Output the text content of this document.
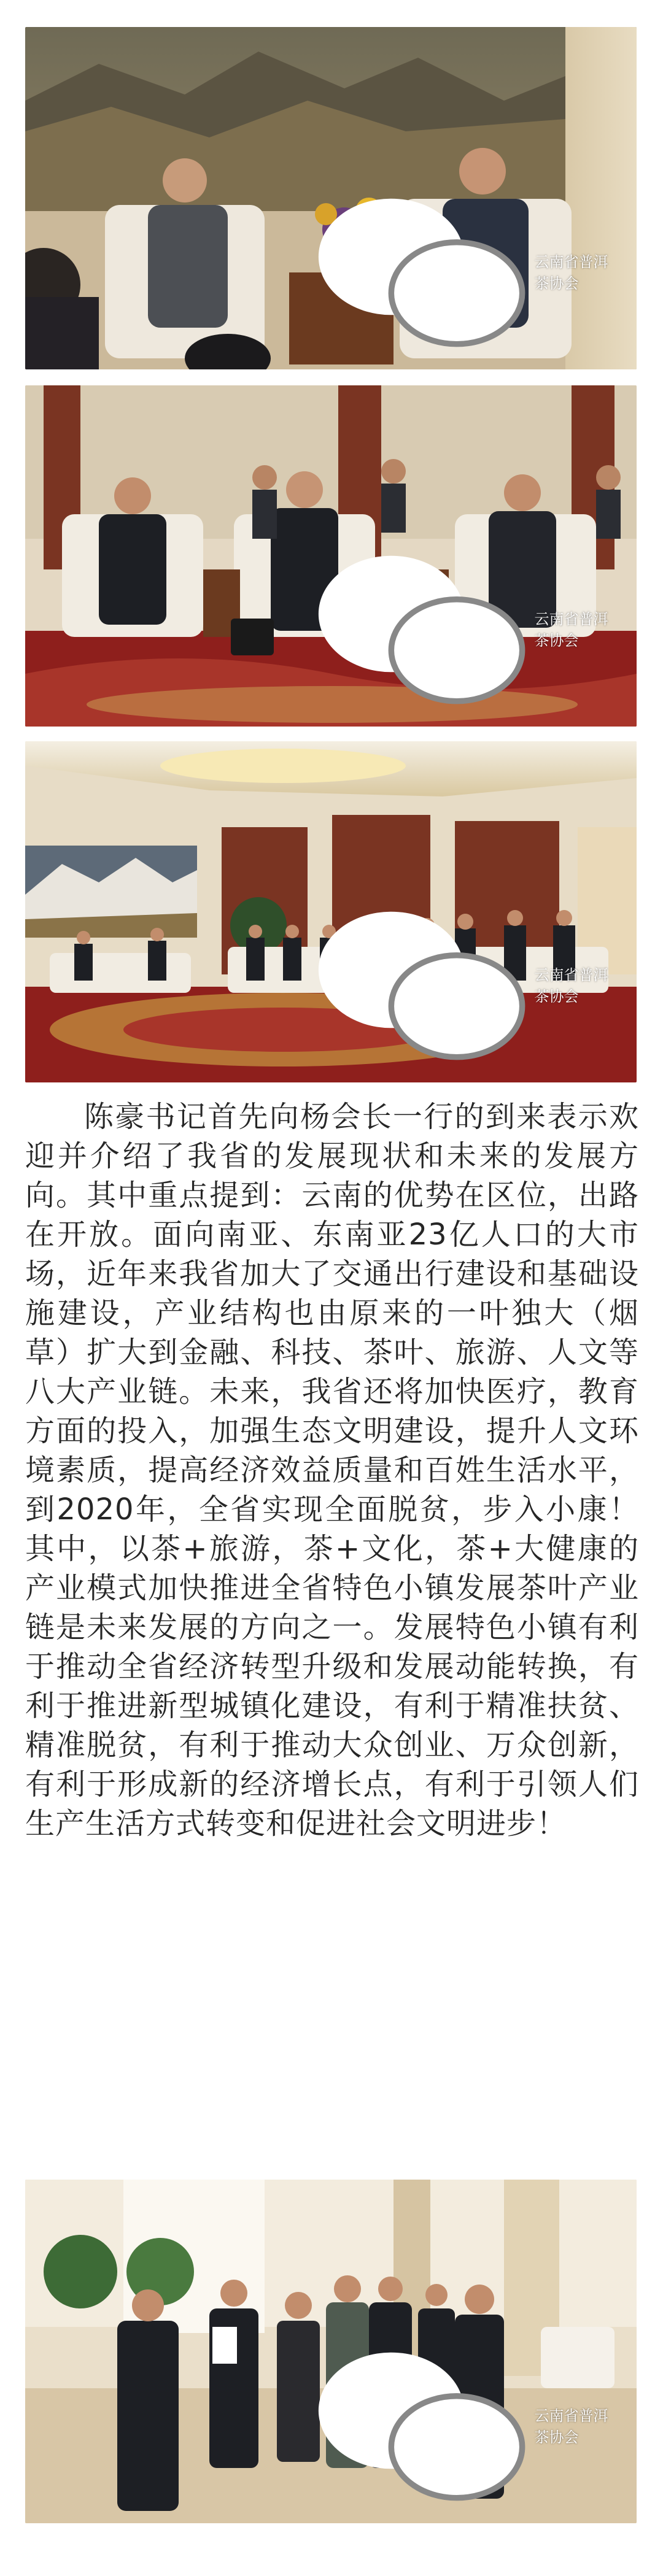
云南省普洱茶协会
云南省普洱茶协会
云南省普洱茶协会

陈豪书记首先向杨会长一行的到来表示欢迎并介绍了我省的发展现状和未来的发展方向。其中重点提到：云南的优势在区位，出路在开放。面向南亚、东南亚23亿人口的大市场，近年来我省加大了交通出行建设和基础设施建设，产业结构也由原来的一叶独大（烟草）扩大到金融、科技、茶叶、旅游、人文等八大产业链。未来，我省还将加快医疗，教育方面的投入，加强生态文明建设，提升人文环境素质，提高经济效益质量和百姓生活水平，到2020年，全省实现全面脱贫，步入小康！其中，以茶+旅游，茶+文化，茶+大健康的产业模式加快推进全省特色小镇发展茶叶产业链是未来发展的方向之一。发展特色小镇有利于推动全省经济转型升级和发展动能转换，有利于推进新型城镇化建设，有利于精准扶贫、精准脱贫，有利于推动大众创业、万众创新，有利于形成新的经济增长点，有利于引领人们生产生活方式转变和促进社会文明进步！

云南省普洱茶协会
